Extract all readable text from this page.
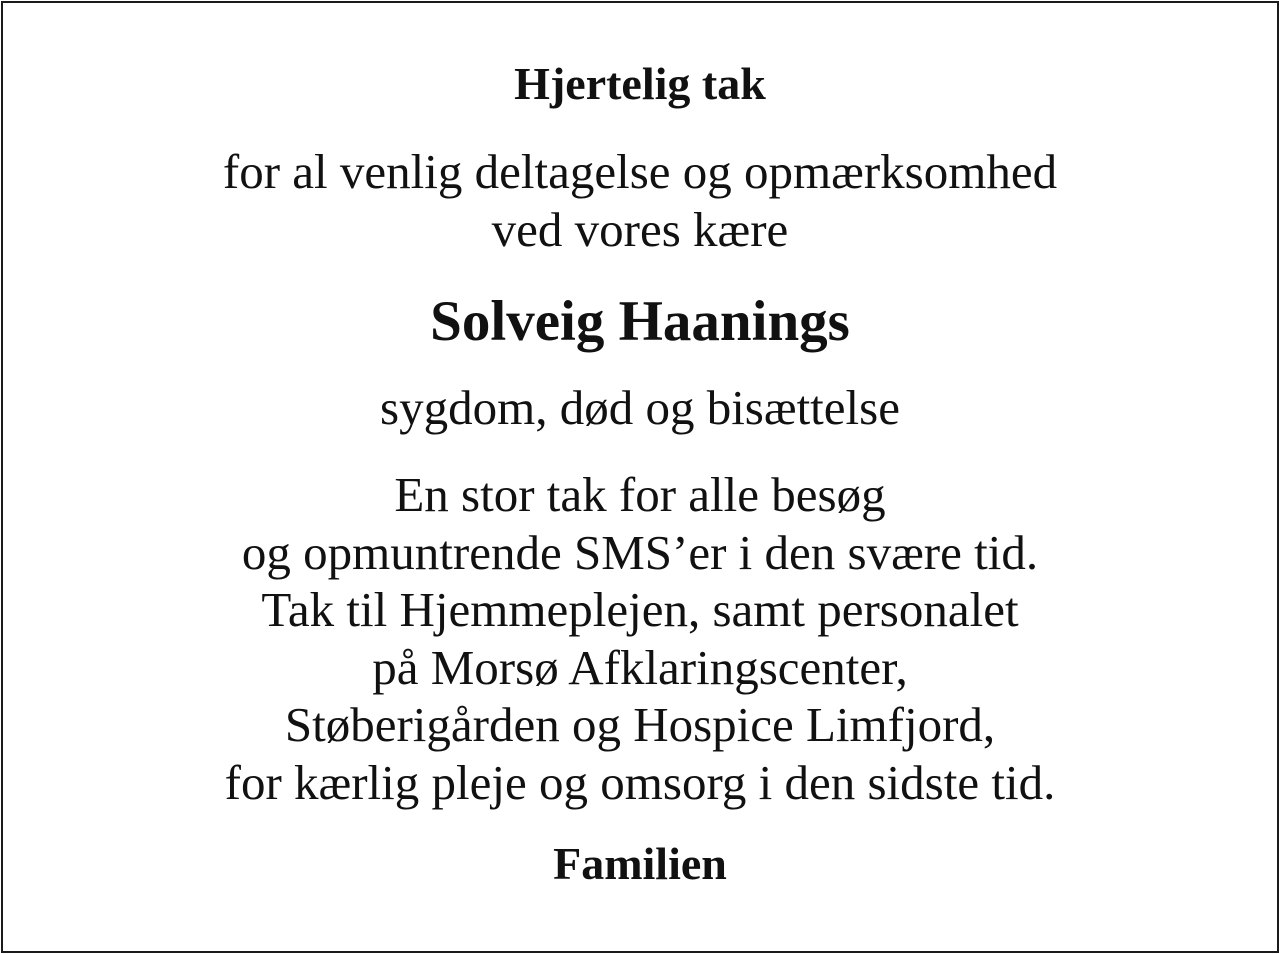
Hjertelig tak
for al venlig deltagelse og opmærksomhed
ved vores kære
Solveig Haanings
sygdom, død og bisættelse
En stor tak for alle besøg
og opmuntrende SMS’er i den svære tid.
Tak til Hjemmeplejen, samt personalet
på Morsø Afklaringscenter,
Støberigården og Hospice Limfjord,
for kærlig pleje og omsorg i den sidste tid.
Familien
